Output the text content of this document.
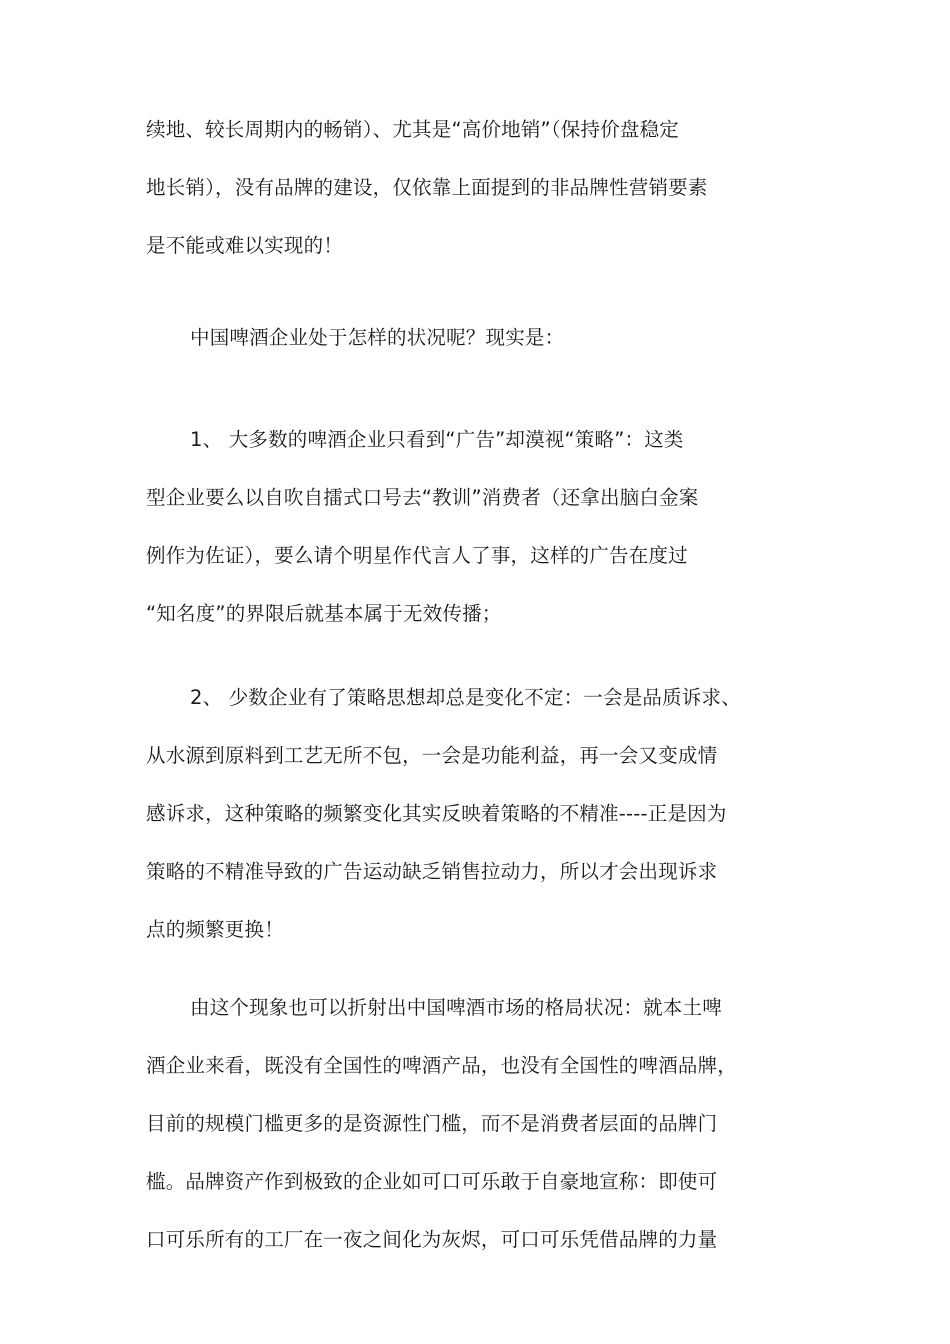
续地、较长周期内的畅销）、尤其是“高价地销”（保持价盘稳定
地长销），没有品牌的建设，仅依靠上面提到的非品牌性营销要素
是不能或难以实现的！
中国啤酒企业处于怎样的状况呢？现实是：
1、 大多数的啤酒企业只看到“广告”却漠视“策略”：这类
型企业要么以自吹自擂式口号去“教训”消费者（还拿出脑白金案
例作为佐证），要么请个明星作代言人了事，这样的广告在度过
“知名度”的界限后就基本属于无效传播；
2、 少数企业有了策略思想却总是变化不定：一会是品质诉求、
从水源到原料到工艺无所不包，一会是功能利益，再一会又变成情
感诉求，这种策略的频繁变化其实反映着策略的不精准----正是因为
策略的不精准导致的广告运动缺乏销售拉动力，所以才会出现诉求
点的频繁更换！
由这个现象也可以折射出中国啤酒市场的格局状况：就本土啤
酒企业来看，既没有全国性的啤酒产品，也没有全国性的啤酒品牌，
目前的规模门槛更多的是资源性门槛，而不是消费者层面的品牌门
槛。品牌资产作到极致的企业如可口可乐敢于自豪地宣称：即使可
口可乐所有的工厂在一夜之间化为灰烬，可口可乐凭借品牌的力量
